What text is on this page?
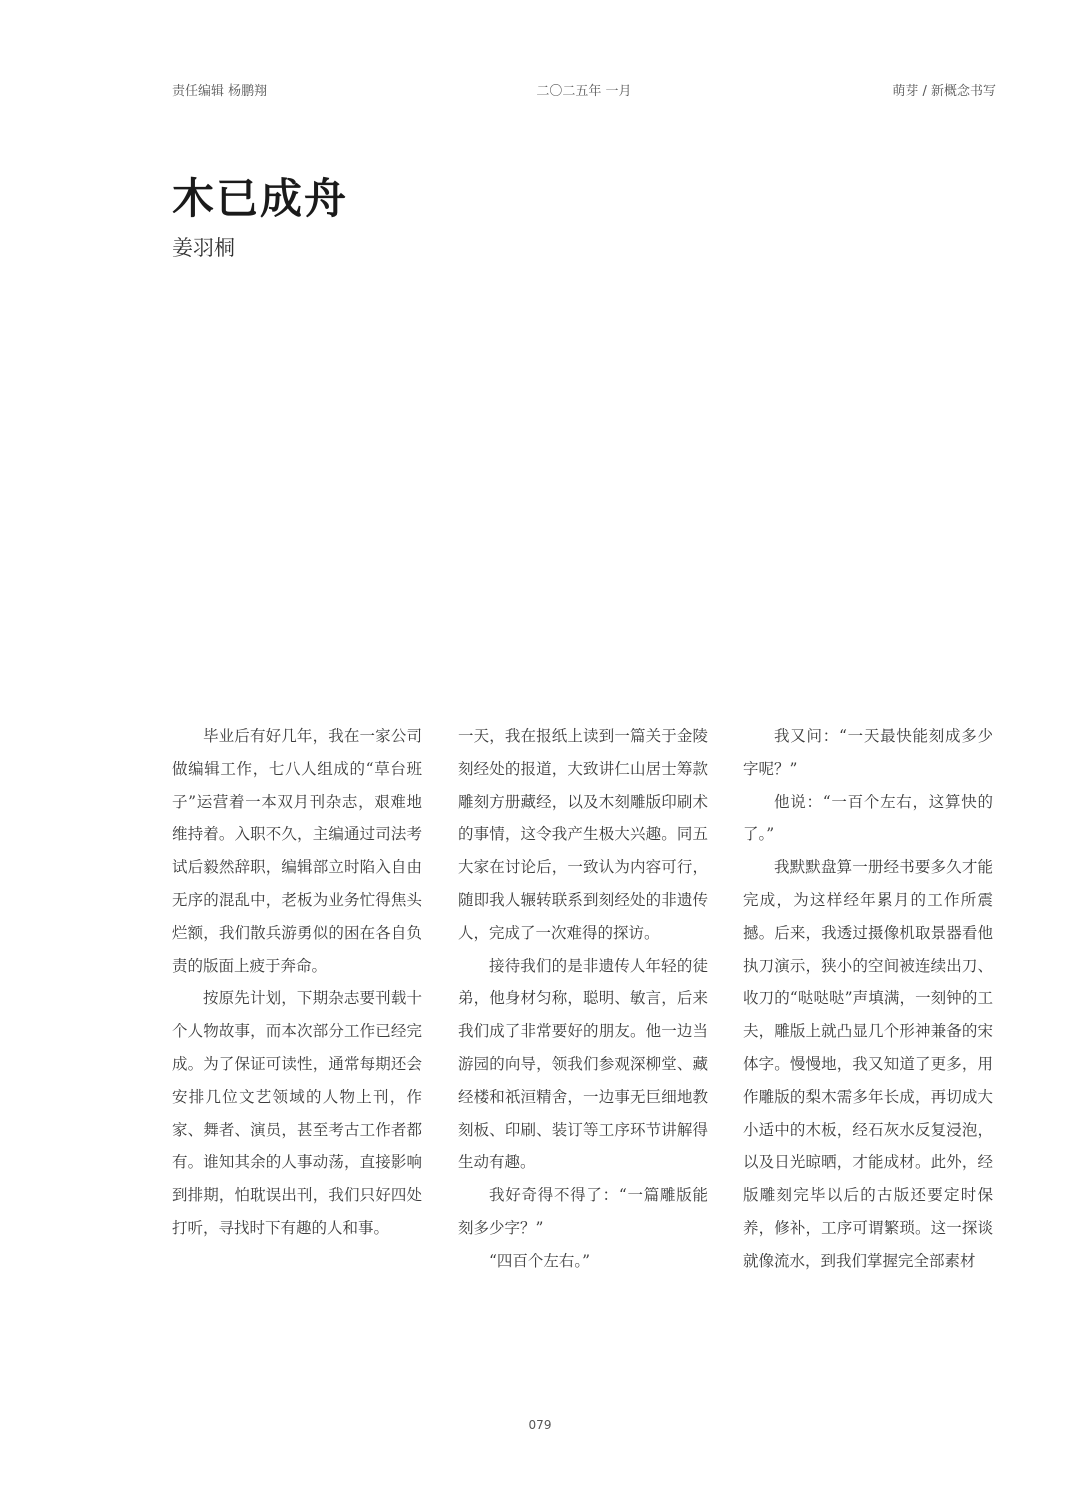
责任编辑 杨鹏翔	二〇二五年 一月	萌芽 / 新概念书写
木已成舟
姜羽桐

毕业后有好几年，我在一家公司做编辑工作，七八人组成的“草台班子”运营着一本双月刊杂志，艰难地维持着。入职不久，主编通过司法考试后毅然辞职，编辑部立时陷入自由无序的混乱中，老板为业务忙得焦头烂额，我们散兵游勇似的困在各自负责的版面上疲于奔命。

按原先计划，下期杂志要刊载十个人物故事，而本次部分工作已经完成。为了保证可读性，通常每期还会安排几位文艺领域的人物上刊，作家、舞者、演员，甚至考古工作者都有。谁知其余的人事动荡，直接影响到排期，怕耽误出刊，我们只好四处打听，寻找时下有趣的人和事。

一天，我在报纸上读到一篇关于金陵刻经处的报道，大致讲仁山居士筹款雕刻方册藏经，以及木刻雕版印刷术的事情，这令我产生极大兴趣。同五大家在讨论后，一致认为内容可行，随即我人辗转联系到刻经处的非遗传人，完成了一次难得的探访。

接待我们的是非遗传人年轻的徒弟，他身材匀称，聪明、敏言，后来我们成了非常要好的朋友。他一边当游园的向导，领我们参观深柳堂、藏经楼和祇洹精舍，一边事无巨细地教刻板、印刷、装订等工序环节讲解得生动有趣。

我好奇得不得了：“一篇雕版能刻多少字？”

“四百个左右。”

我又问：“一天最快能刻成多少字呢？”

他说：“一百个左右，这算快的了。”

我默默盘算一册经书要多久才能完成，为这样经年累月的工作所震撼。后来，我透过摄像机取景器看他执刀演示，狭小的空间被连续出刀、收刀的“哒哒哒”声填满，一刻钟的工夫，雕版上就凸显几个形神兼备的宋体字。慢慢地，我又知道了更多，用作雕版的梨木需多年长成，再切成大小适中的木板，经石灰水反复浸泡，以及日光晾晒，才能成材。此外，经版雕刻完毕以后的古版还要定时保养，修补，工序可谓繁琐。这一探谈就像流水，到我们掌握完全部素材

079
